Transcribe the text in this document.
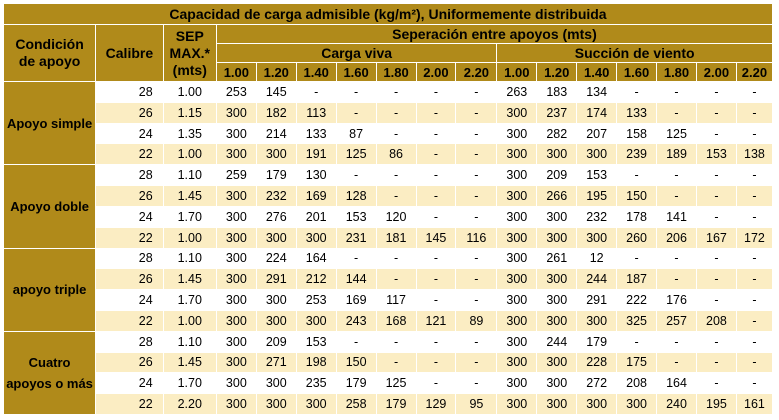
Capacidad de carga admisible (kg/m²), Uniformemente distribuida																
Condición de apoyo	Calibre	SEP
MAX.*
(mts)	Seperación entre apoyos (mts)													
			Carga viva							Succión de viento						
			1.00	1.20	1.40	1.60	1.80	2.00	2.20	1.00	1.20	1.40	1.60	1.80	2.00	2.20
Apoyo simple	28	1.00	253	145	-	-	-	-	-	263	183	134	-	-	-	-
	26	1.15	300	182	113	-	-	-	-	300	237	174	133	-	-	-
	24	1.35	300	214	133	87	-	-	-	300	282	207	158	125	-	-
	22	1.00	300	300	191	125	86	-	-	300	300	300	239	189	153	138
Apoyo doble	28	1.10	259	179	130	-	-	-	-	300	209	153	-	-	-	-
	26	1.45	300	232	169	128	-	-	-	300	266	195	150	-	-	-
	24	1.70	300	276	201	153	120	-	-	300	300	232	178	141	-	-
	22	1.00	300	300	300	231	181	145	116	300	300	300	260	206	167	172
apoyo triple	28	1.10	300	224	164	-	-	-	-	300	261	12	-	-	-	-
	26	1.45	300	291	212	144	-	-	-	300	300	244	187	-	-	-
	24	1.70	300	300	253	169	117	-	-	300	300	291	222	176	-	-
	22	1.00	300	300	300	243	168	121	89	300	300	300	325	257	208	-
Cuatro apoyos o más	28	1.10	300	209	153	-	-	-	-	300	244	179	-	-	-	-
	26	1.45	300	271	198	150	-	-	-	300	300	228	175	-	-	-
	24	1.70	300	300	235	179	125	-	-	300	300	272	208	164	-	-
	22	2.20	300	300	300	258	179	129	95	300	300	300	300	240	195	161
